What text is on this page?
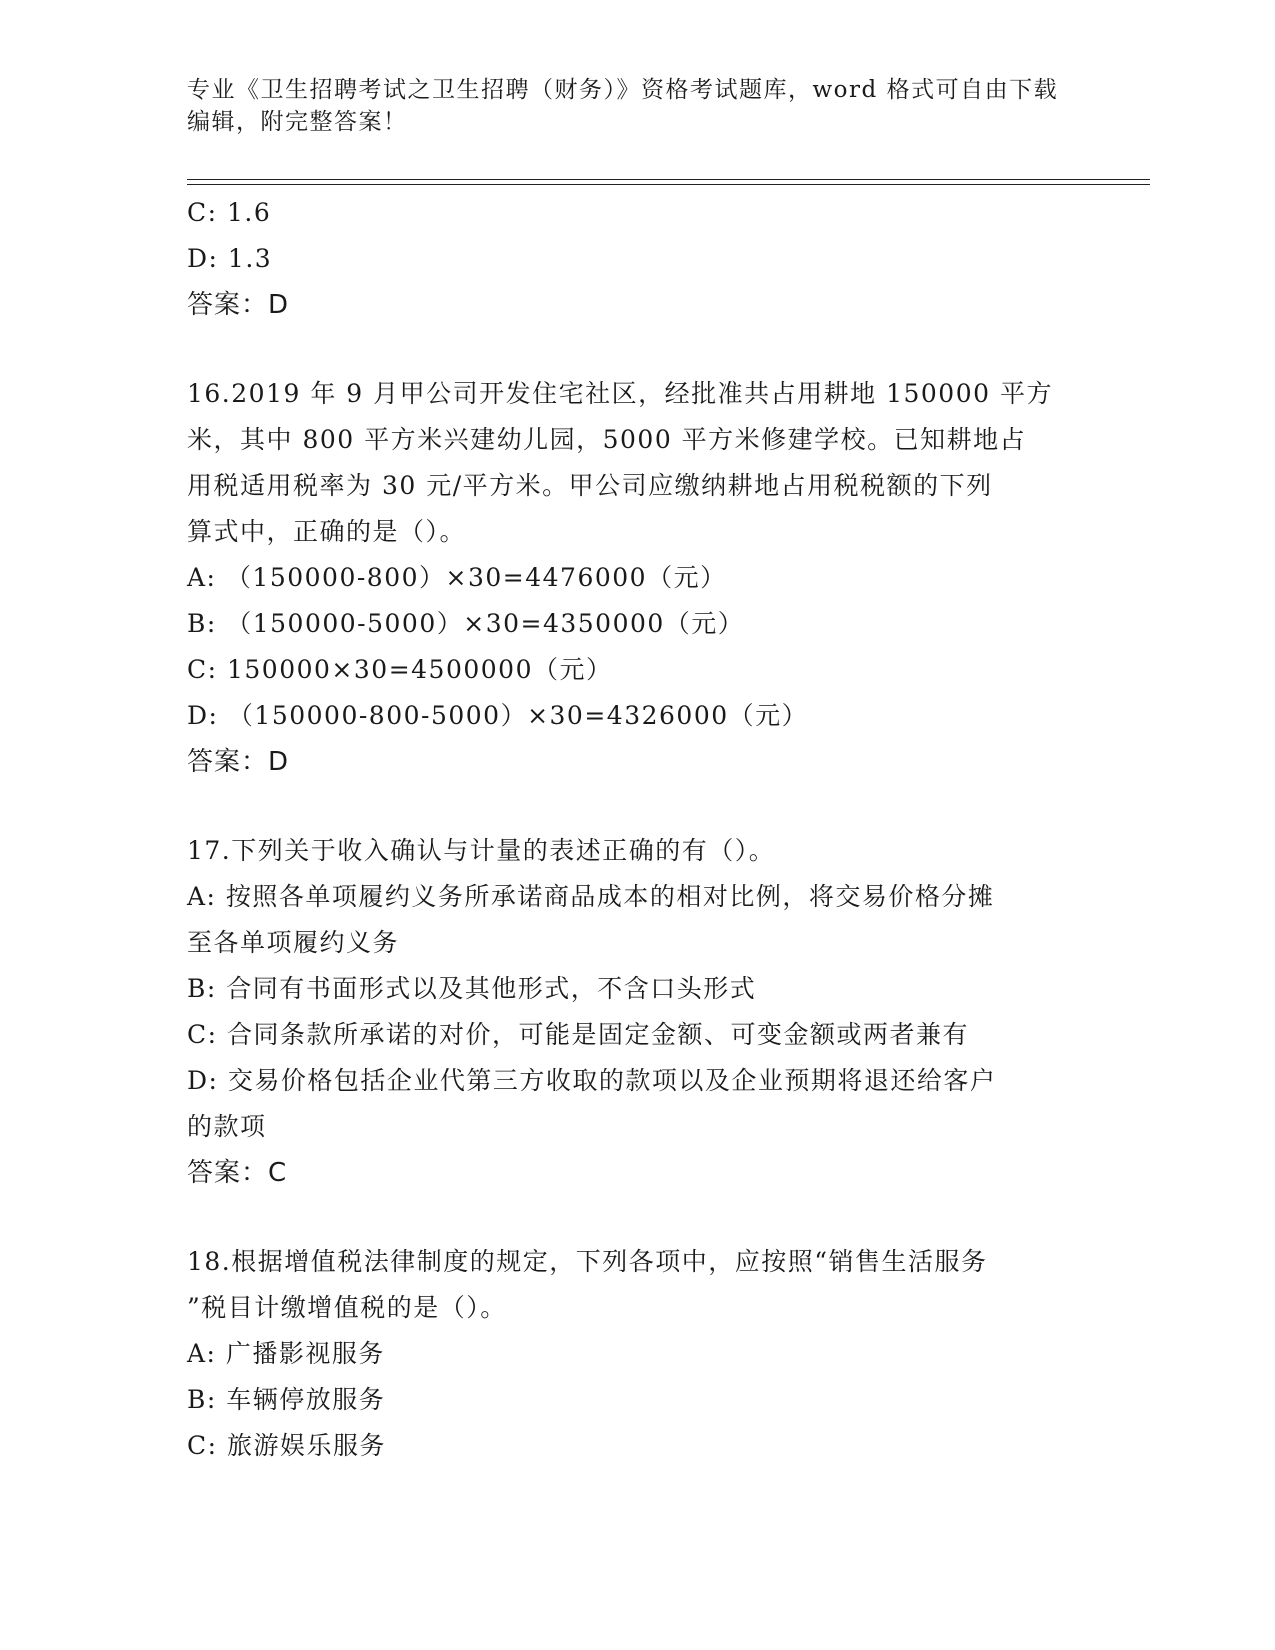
专业《卫生招聘考试之卫生招聘（财务）》资格考试题库，word 格式可自由下载
编辑，附完整答案！
C: 1.6
D: 1.3
答案：D
16.2019 年 9 月甲公司开发住宅社区，经批准共占用耕地 150000 平方
米，其中 800 平方米兴建幼儿园，5000 平方米修建学校。已知耕地占
用税适用税率为 30 元/平方米。甲公司应缴纳耕地占用税税额的下列
算式中，正确的是（）。
A: （150000-800）×30=4476000（元）
B: （150000-5000）×30=4350000（元）
C: 150000×30=4500000（元）
D: （150000-800-5000）×30=4326000（元）
答案：D
17.下列关于收入确认与计量的表述正确的有（）。
A: 按照各单项履约义务所承诺商品成本的相对比例，将交易价格分摊
至各单项履约义务
B: 合同有书面形式以及其他形式，不含口头形式
C: 合同条款所承诺的对价，可能是固定金额、可变金额或两者兼有
D: 交易价格包括企业代第三方收取的款项以及企业预期将退还给客户
的款项
答案：C
18.根据增值税法律制度的规定，下列各项中，应按照“销售生活服务
”税目计缴增值税的是（）。
A: 广播影视服务
B: 车辆停放服务
C: 旅游娱乐服务
